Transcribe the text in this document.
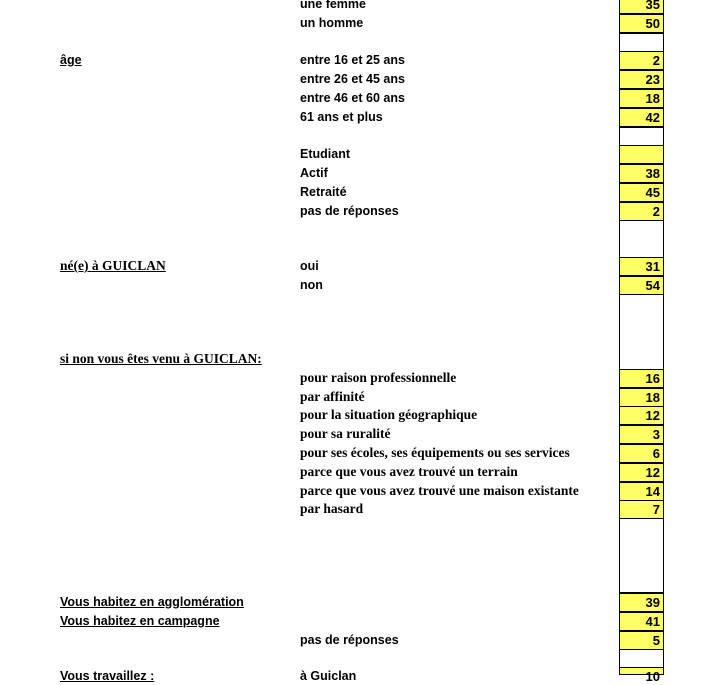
une femme	35
un homme	50
âge	entre 16 et 25 ans	2
entre 26 et 45 ans	23
entre 46 et 60 ans	18
61 ans et plus	42
Etudiant
Actif	38
Retraité	45
pas de réponses	2
né(e) à GUICLAN	oui	31
non	54
si non vous êtes venu à GUICLAN:
pour raison professionnelle	16
par affinité	18
pour la situation géographique	12
pour sa ruralité	3
pour ses écoles, ses équipements ou ses services	6
parce que vous avez trouvé un terrain	12
parce que vous avez trouvé une maison existante	14
par hasard	7
Vous habitez en agglomération	39
Vous habitez en campagne	41
pas de réponses	5
Vous travaillez :	à Guiclan	10
